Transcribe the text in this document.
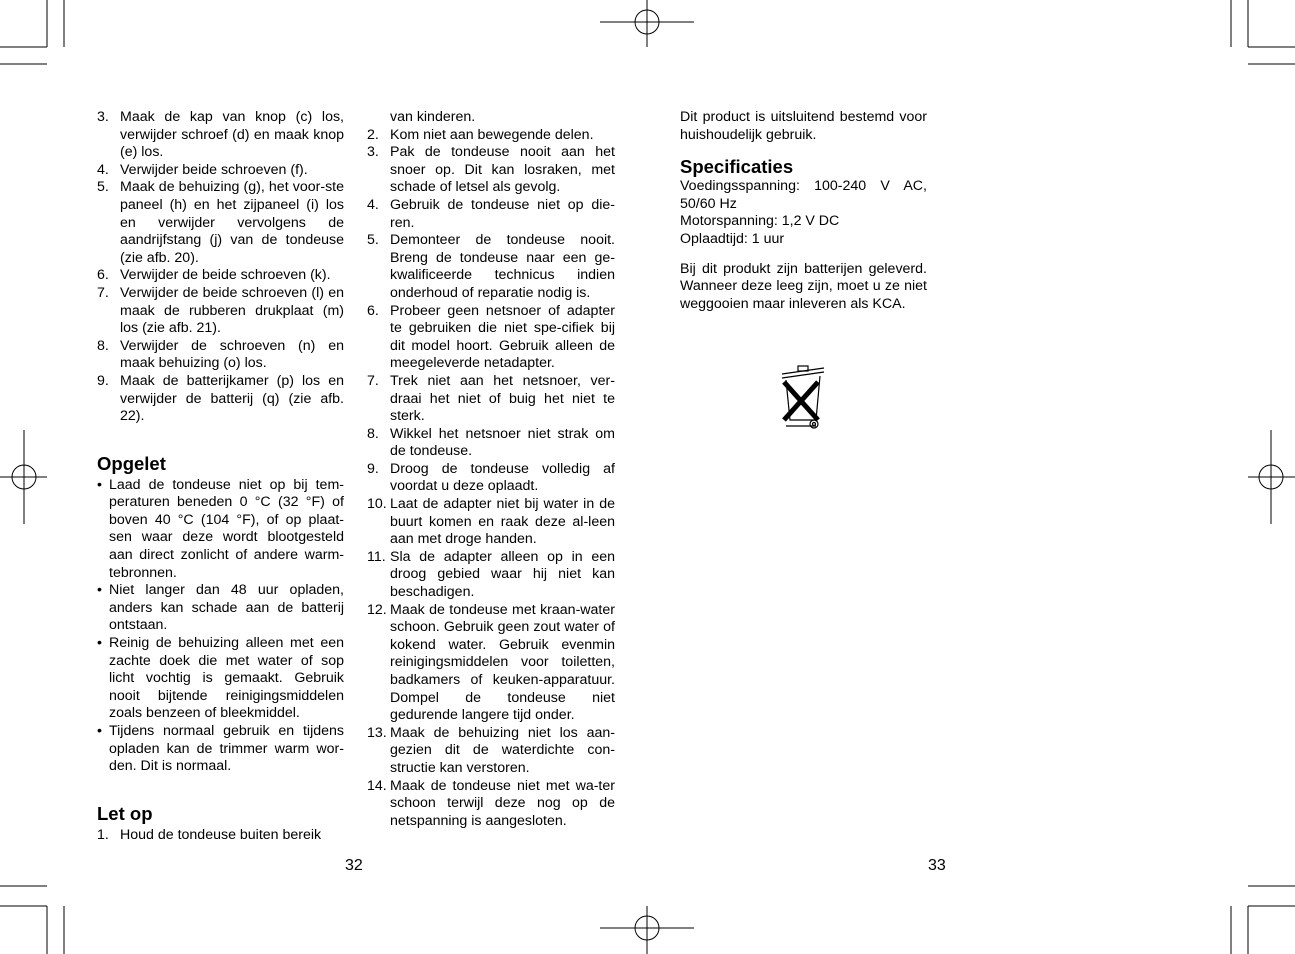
3. Maak de kap van knop (c) los, verwijder schroef (d) en maak knop (e) los.
4. Verwijder beide schroeven (f).
5. Maak de behuizing (g), het voor-ste paneel (h) en het zijpaneel (i) los en verwijder vervolgens de aandrijfstang (j) van de tondeuse (zie afb. 20).
6. Verwijder de beide schroeven (k).
7. Verwijder de beide schroeven (l) en maak de rubberen drukplaat (m) los (zie afb. 21).
8. Verwijder de schroeven (n) en maak behuizing (o) los.
9. Maak de batterijkamer (p) los en verwijder de batterij (q) (zie afb. 22).
Opgelet
• Laad de tondeuse niet op bij tem-peraturen beneden 0 °C (32 °F) of boven 40 °C (104 °F), of op plaat-sen waar deze wordt blootgesteld aan direct zonlicht of andere warm-tebronnen.
• Niet langer dan 48 uur opladen, anders kan schade aan de batterij ontstaan.
• Reinig de behuizing alleen met een zachte doek die met water of sop licht vochtig is gemaakt. Gebruik nooit bijtende reinigingsmiddelen zoals benzeen of bleekmiddel.
• Tijdens normaal gebruik en tijdens opladen kan de trimmer warm wor-den. Dit is normaal.
Let op
1. Houd de tondeuse buiten bereik
van kinderen.
2. Kom niet aan bewegende delen.
3. Pak de tondeuse nooit aan het snoer op. Dit kan losraken, met schade of letsel als gevolg.
4. Gebruik de tondeuse niet op die-ren.
5. Demonteer de tondeuse nooit. Breng de tondeuse naar een ge-kwalificeerde technicus indien onderhoud of reparatie nodig is.
6. Probeer geen netsnoer of adapter te gebruiken die niet spe-cifiek bij dit model hoort. Gebruik alleen de meegeleverde netadapter.
7. Trek niet aan het netsnoer, ver-draai het niet of buig het niet te sterk.
8. Wikkel het netsnoer niet strak om de tondeuse.
9. Droog de tondeuse volledig af voordat u deze oplaadt.
10. Laat de adapter niet bij water in de buurt komen en raak deze al-leen aan met droge handen.
11. Sla de adapter alleen op in een droog gebied waar hij niet kan beschadigen.
12. Maak de tondeuse met kraan-water schoon. Gebruik geen zout water of kokend water. Gebruik evenmin reinigingsmiddelen voor toiletten, badkamers of keuken-apparatuur. Dompel de tondeuse niet gedurende langere tijd onder.
13. Maak de behuizing niet los aan-gezien dit de waterdichte con-structie kan verstoren.
14. Maak de tondeuse niet met wa-ter schoon terwijl deze nog op de netspanning is aangesloten.
Dit product is uitsluitend bestemd voor huishoudelijk gebruik.
Specificaties
Voedingsspanning: 100-240 V AC, 50/60 Hz
Motorspanning: 1,2 V DC
Oplaadtijd: 1 uur
Bij dit produkt zijn batterijen geleverd. Wanneer deze leeg zijn, moet u ze niet weggooien maar inleveren als KCA.
32	33
